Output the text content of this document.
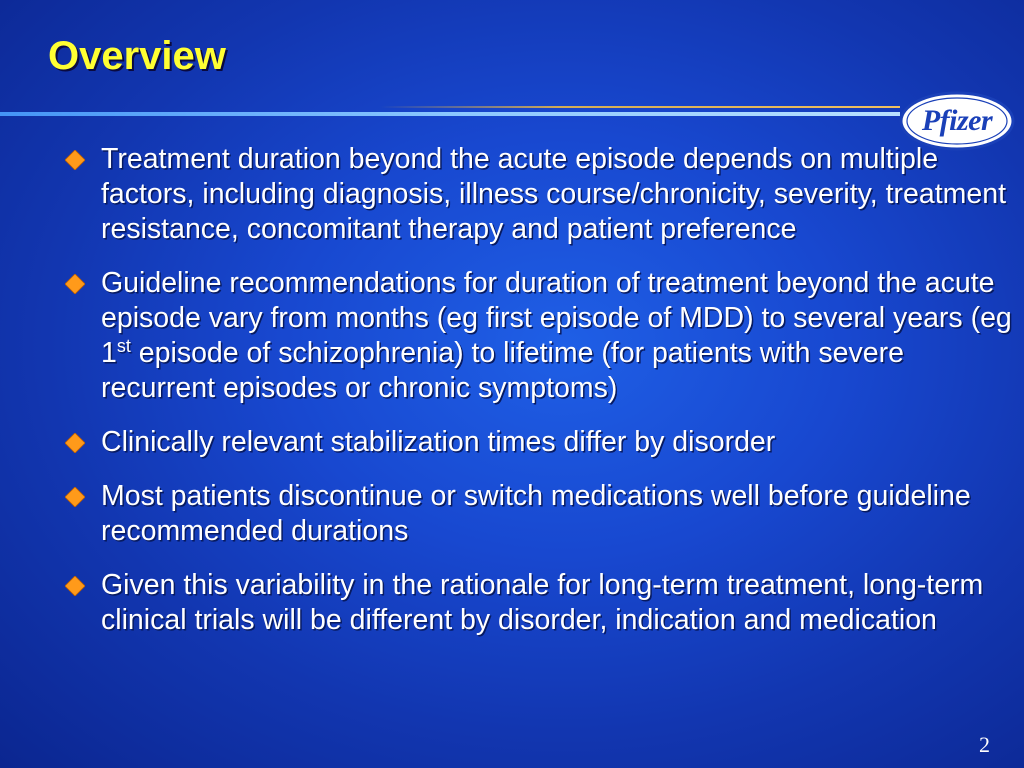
Overview
Pfizer
Treatment duration beyond the acute episode depends on multiple factors, including diagnosis, illness course/chronicity, severity, treatment resistance, concomitant therapy and patient preference
Guideline recommendations for duration of treatment beyond the acute episode vary from months (eg first episode of MDD) to several years (eg 1st episode of schizophrenia) to lifetime (for patients with severe recurrent episodes or chronic symptoms)
Clinically relevant stabilization times differ by disorder
Most patients discontinue or switch medications well before guideline recommended durations
Given this variability in the rationale for long-term treatment, long-term clinical trials will be different by disorder, indication and medication
2
